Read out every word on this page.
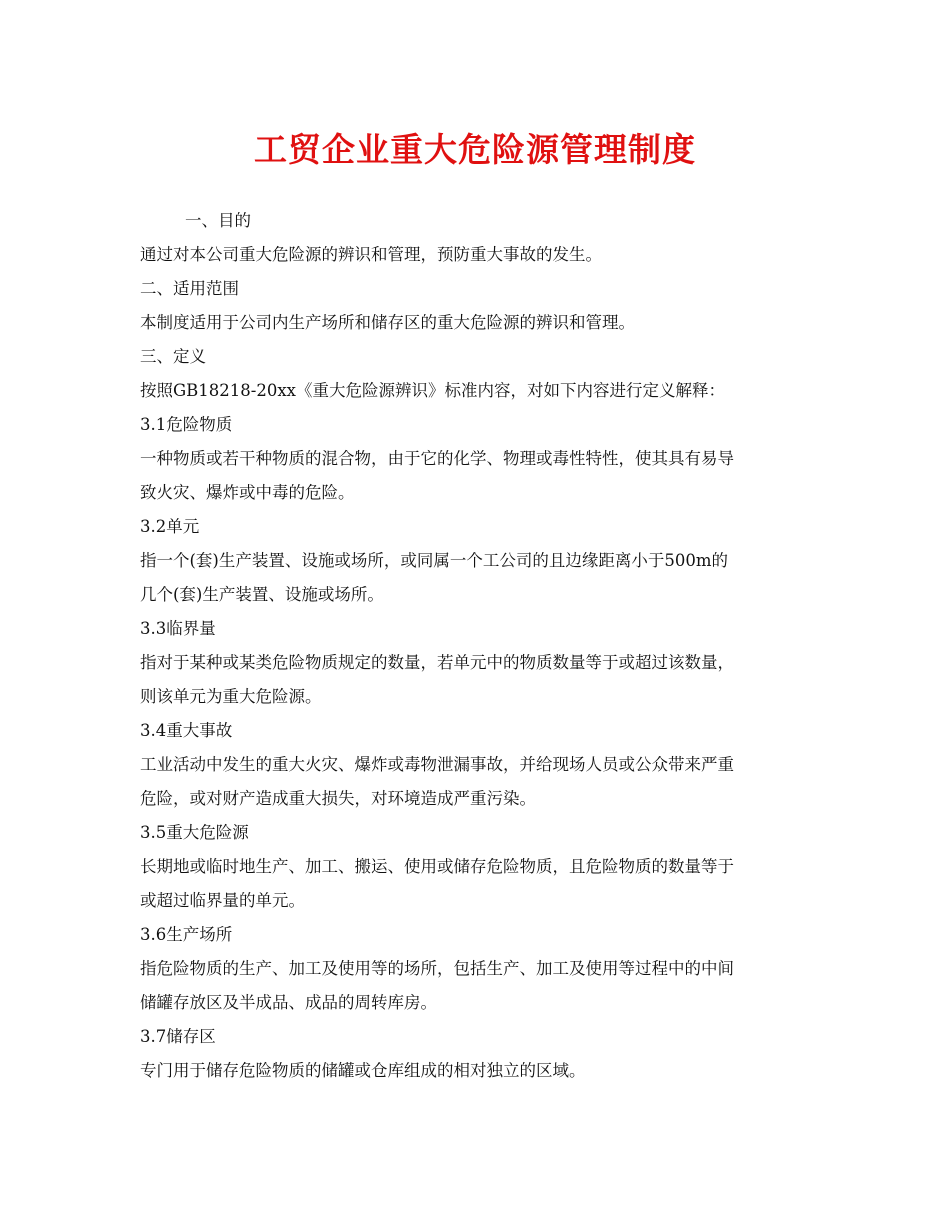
工贸企业重大危险源管理制度

一、目的

通过对本公司重大危险源的辨识和管理，预防重大事故的发生。

二、适用范围

本制度适用于公司内生产场所和储存区的重大危险源的辨识和管理。

三、定义

按照GB18218-20xx《重大危险源辨识》标准内容，对如下内容进行定义解释：

3.1危险物质

一种物质或若干种物质的混合物，由于它的化学、物理或毒性特性，使其具有易导

致火灾、爆炸或中毒的危险。

3.2单元

指一个(套)生产装置、设施或场所，或同属一个工公司的且边缘距离小于500m的

几个(套)生产装置、设施或场所。

3.3临界量

指对于某种或某类危险物质规定的数量，若单元中的物质数量等于或超过该数量，

则该单元为重大危险源。

3.4重大事故

工业活动中发生的重大火灾、爆炸或毒物泄漏事故，并给现场人员或公众带来严重

危险，或对财产造成重大损失，对环境造成严重污染。

3.5重大危险源

长期地或临时地生产、加工、搬运、使用或储存危险物质，且危险物质的数量等于

或超过临界量的单元。

3.6生产场所

指危险物质的生产、加工及使用等的场所，包括生产、加工及使用等过程中的中间

储罐存放区及半成品、成品的周转库房。

3.7储存区

专门用于储存危险物质的储罐或仓库组成的相对独立的区域。
